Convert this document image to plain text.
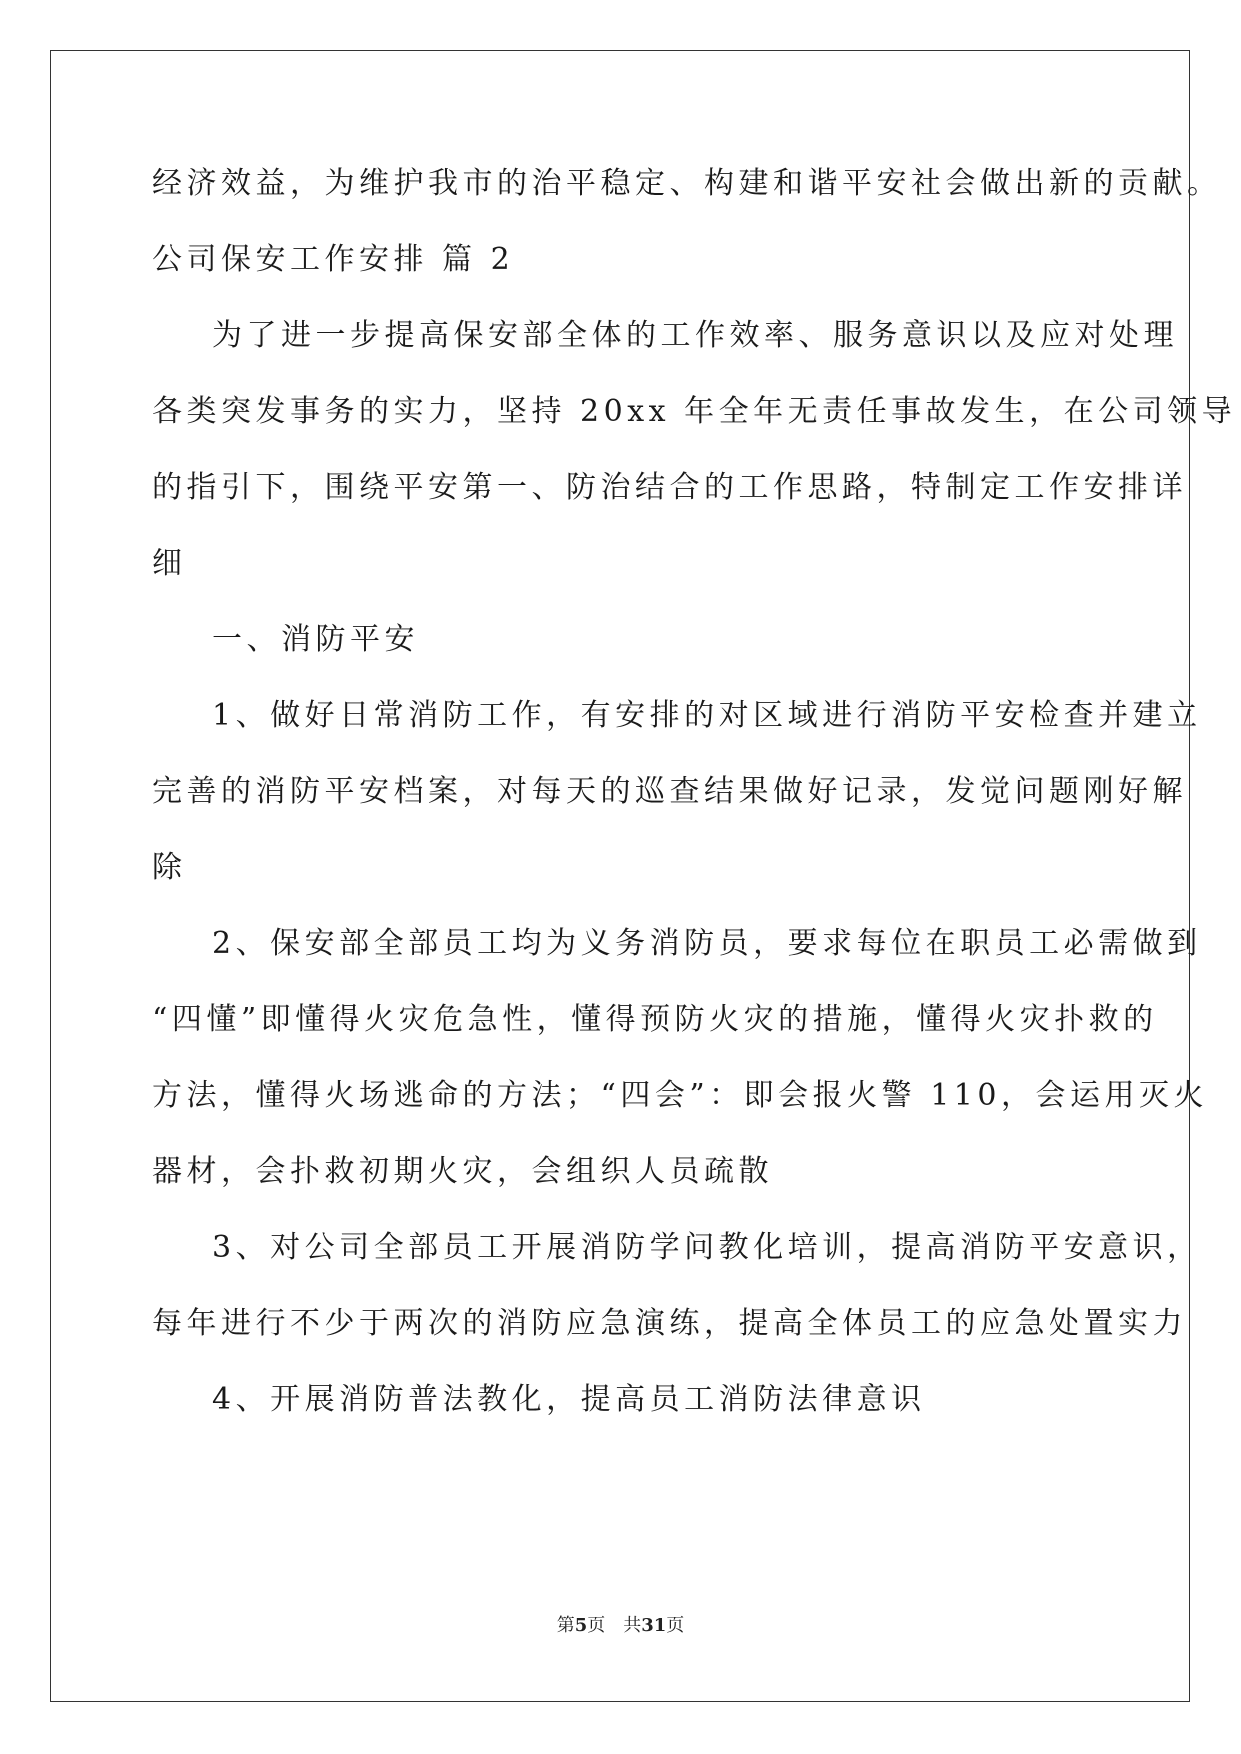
经济效益，为维护我市的治平稳定、构建和谐平安社会做出新的贡献。
公司保安工作安排 篇 2
为了进一步提高保安部全体的工作效率、服务意识以及应对处理
各类突发事务的实力，坚持 20xx 年全年无责任事故发生，在公司领导
的指引下，围绕平安第一、防治结合的工作思路，特制定工作安排详
细
一、消防平安
1、做好日常消防工作，有安排的对区域进行消防平安检查并建立
完善的消防平安档案，对每天的巡查结果做好记录，发觉问题刚好解
除
2、保安部全部员工均为义务消防员，要求每位在职员工必需做到
“四懂”即懂得火灾危急性，懂得预防火灾的措施，懂得火灾扑救的
方法，懂得火场逃命的方法；“四会”：即会报火警 110，会运用灭火
器材，会扑救初期火灾，会组织人员疏散
3、对公司全部员工开展消防学问教化培训，提高消防平安意识，
每年进行不少于两次的消防应急演练，提高全体员工的应急处置实力
4、开展消防普法教化，提高员工消防法律意识
第5页 共31页
